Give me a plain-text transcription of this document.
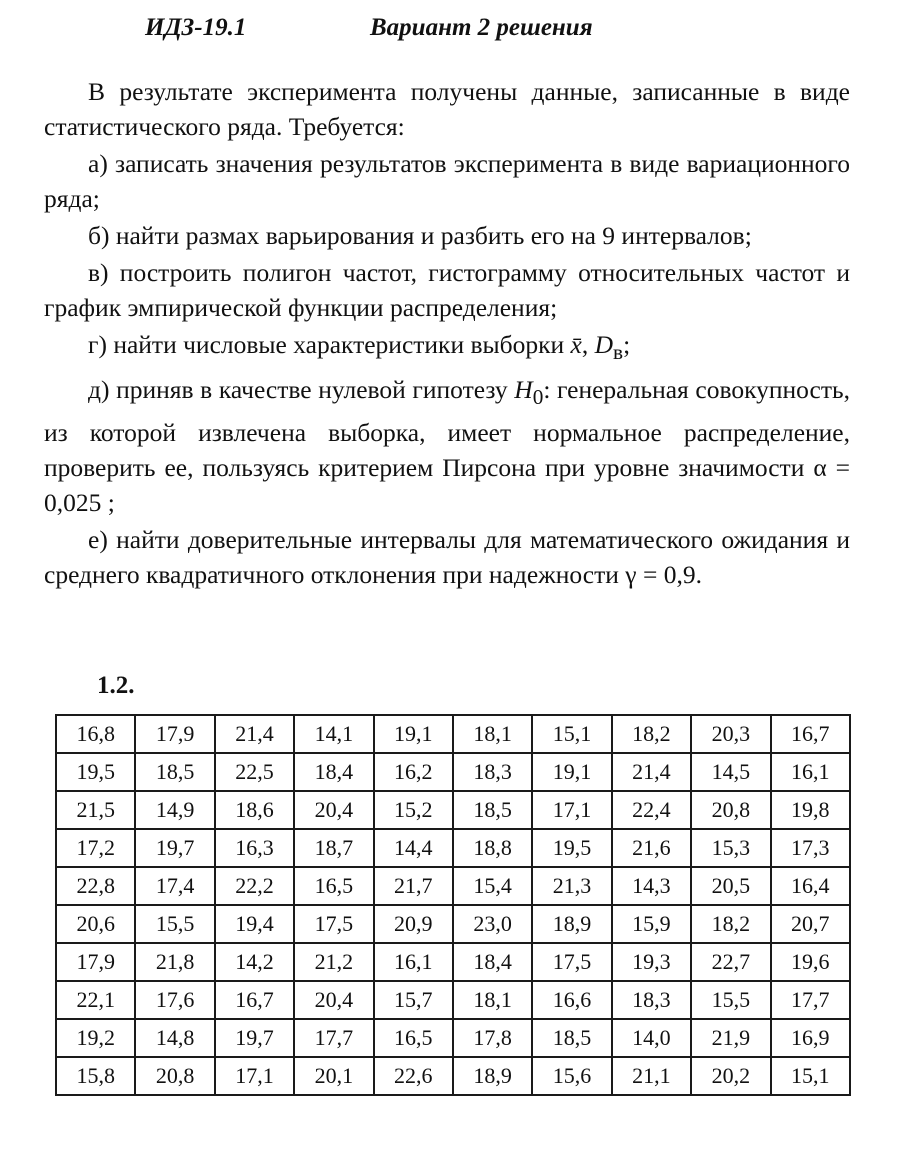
ИДЗ-19.1	Вариант 2 решения

В результате эксперимента получены данные, записанные в виде статистического ряда. Требуется:

а) записать значения результатов эксперимента в виде вариационного ряда;

б) найти размах варьирования и разбить его на 9 интервалов;

в) построить полигон частот, гистограмму относительных частот и график эмпирической функции распределения;

г) найти числовые характеристики выборки x̄, $D_в$;

д) приняв в качестве нулевой гипотезу $H_0$: генеральная совокупность, из которой извлечена выборка, имеет нормальное распределение, проверить ее, пользуясь критерием Пирсона при уровне значимости α = 0,025 ;

е) найти доверительные интервалы для математического ожидания и среднего квадратичного отклонения при надежности γ = 0,9.

1.2.
16,8	17,9	21,4	14,1	19,1	18,1	15,1	18,2	20,3	16,7
19,5	18,5	22,5	18,4	16,2	18,3	19,1	21,4	14,5	16,1
21,5	14,9	18,6	20,4	15,2	18,5	17,1	22,4	20,8	19,8
17,2	19,7	16,3	18,7	14,4	18,8	19,5	21,6	15,3	17,3
22,8	17,4	22,2	16,5	21,7	15,4	21,3	14,3	20,5	16,4
20,6	15,5	19,4	17,5	20,9	23,0	18,9	15,9	18,2	20,7
17,9	21,8	14,2	21,2	16,1	18,4	17,5	19,3	22,7	19,6
22,1	17,6	16,7	20,4	15,7	18,1	16,6	18,3	15,5	17,7
19,2	14,8	19,7	17,7	16,5	17,8	18,5	14,0	21,9	16,9
15,8	20,8	17,1	20,1	22,6	18,9	15,6	21,1	20,2	15,1
